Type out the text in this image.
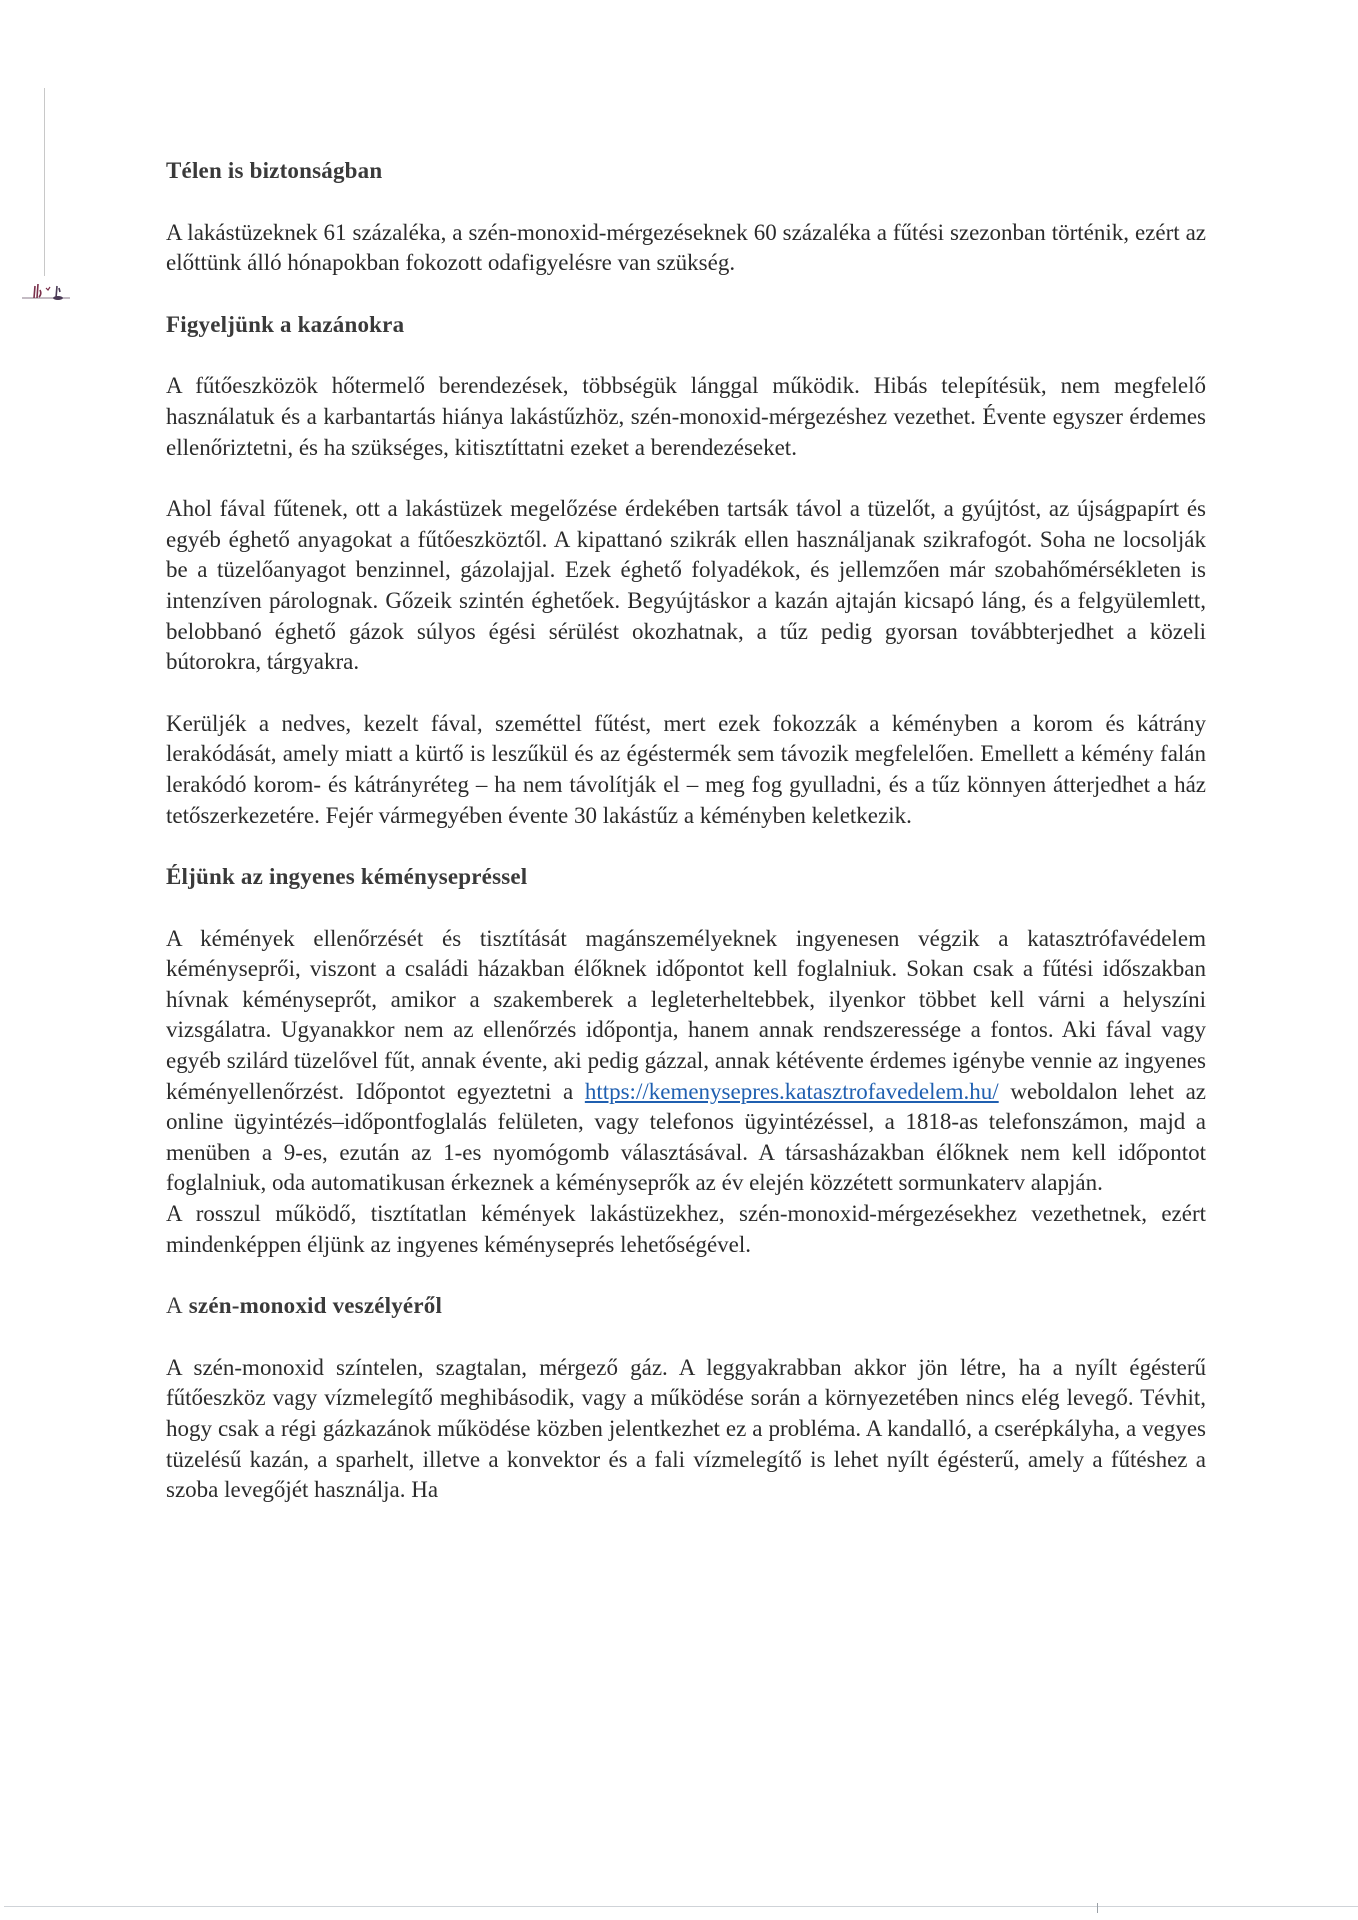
Télen is biztonságban

A lakástüzeknek 61 százaléka, a szén-monoxid-mérgezéseknek 60 százaléka a fűtési szezonban történik, ezért az előttünk álló hónapokban fokozott odafigyelésre van szükség.

Figyeljünk a kazánokra

A fűtőeszközök hőtermelő berendezések, többségük lánggal működik. Hibás telepítésük, nem megfelelő használatuk és a karbantartás hiánya lakástűzhöz, szén-monoxid-mérgezéshez vezethet. Évente egyszer érdemes ellenőriztetni, és ha szükséges, kitisztíttatni ezeket a berendezéseket.

Ahol fával fűtenek, ott a lakástüzek megelőzése érdekében tartsák távol a tüzelőt, a gyújtóst, az újságpapírt és egyéb éghető anyagokat a fűtőeszköztől. A kipattanó szikrák ellen használjanak szikrafogót. Soha ne locsolják be a tüzelőanyagot benzinnel, gázolajjal. Ezek éghető folyadékok, és jellemzően már szobahőmérsékleten is intenzíven párolognak. Gőzeik szintén éghetőek. Begyújtáskor a kazán ajtaján kicsapó láng, és a felgyülemlett, belobbanó éghető gázok súlyos égési sérülést okozhatnak, a tűz pedig gyorsan továbbterjedhet a közeli bútorokra, tárgyakra.

Kerüljék a nedves, kezelt fával, szeméttel fűtést, mert ezek fokozzák a kéményben a korom és kátrány lerakódását, amely miatt a kürtő is leszűkül és az égéstermék sem távozik megfelelően. Emellett a kémény falán lerakódó korom- és kátrányréteg – ha nem távolítják el – meg fog gyulladni, és a tűz könnyen átterjedhet a ház tetőszerkezetére. Fejér vármegyében évente 30 lakástűz a kéményben keletkezik.

Éljünk az ingyenes kéménysepréssel

A kémények ellenőrzését és tisztítását magánszemélyeknek ingyenesen végzik a katasztrófavédelem kéményseprői, viszont a családi házakban élőknek időpontot kell foglalniuk. Sokan csak a fűtési időszakban hívnak kéményseprőt, amikor a szakemberek a legleterheltebbek, ilyenkor többet kell várni a helyszíni vizsgálatra. Ugyanakkor nem az ellenőrzés időpontja, hanem annak rendszeressége a fontos. Aki fával vagy egyéb szilárd tüzelővel fűt, annak évente, aki pedig gázzal, annak kétévente érdemes igénybe vennie az ingyenes kéményellenőrzést. Időpontot egyeztetni a https://kemenysepres.katasztrofavedelem.hu/ weboldalon lehet az online ügyintézés–időpontfoglalás felületen, vagy telefonos ügyintézéssel, a 1818-as telefonszámon, majd a menüben a 9-es, ezután az 1-es nyomógomb választásával. A társasházakban élőknek nem kell időpontot foglalniuk, oda automatikusan érkeznek a kéményseprők az év elején közzétett sormunkaterv alapján.

A rosszul működő, tisztítatlan kémények lakástüzekhez, szén-monoxid-mérgezésekhez vezethetnek, ezért mindenképpen éljünk az ingyenes kéményseprés lehetőségével.

A szén-monoxid veszélyéről

A szén-monoxid színtelen, szagtalan, mérgező gáz. A leggyakrabban akkor jön létre, ha a nyílt égésterű fűtőeszköz vagy vízmelegítő meghibásodik, vagy a működése során a környezetében nincs elég levegő. Tévhit, hogy csak a régi gázkazánok működése közben jelentkezhet ez a probléma. A kandalló, a cserépkályha, a vegyes tüzelésű kazán, a sparhelt, illetve a konvektor és a fali vízmelegítő is lehet nyílt égésterű, amely a fűtéshez a szoba levegőjét használja. Ha
